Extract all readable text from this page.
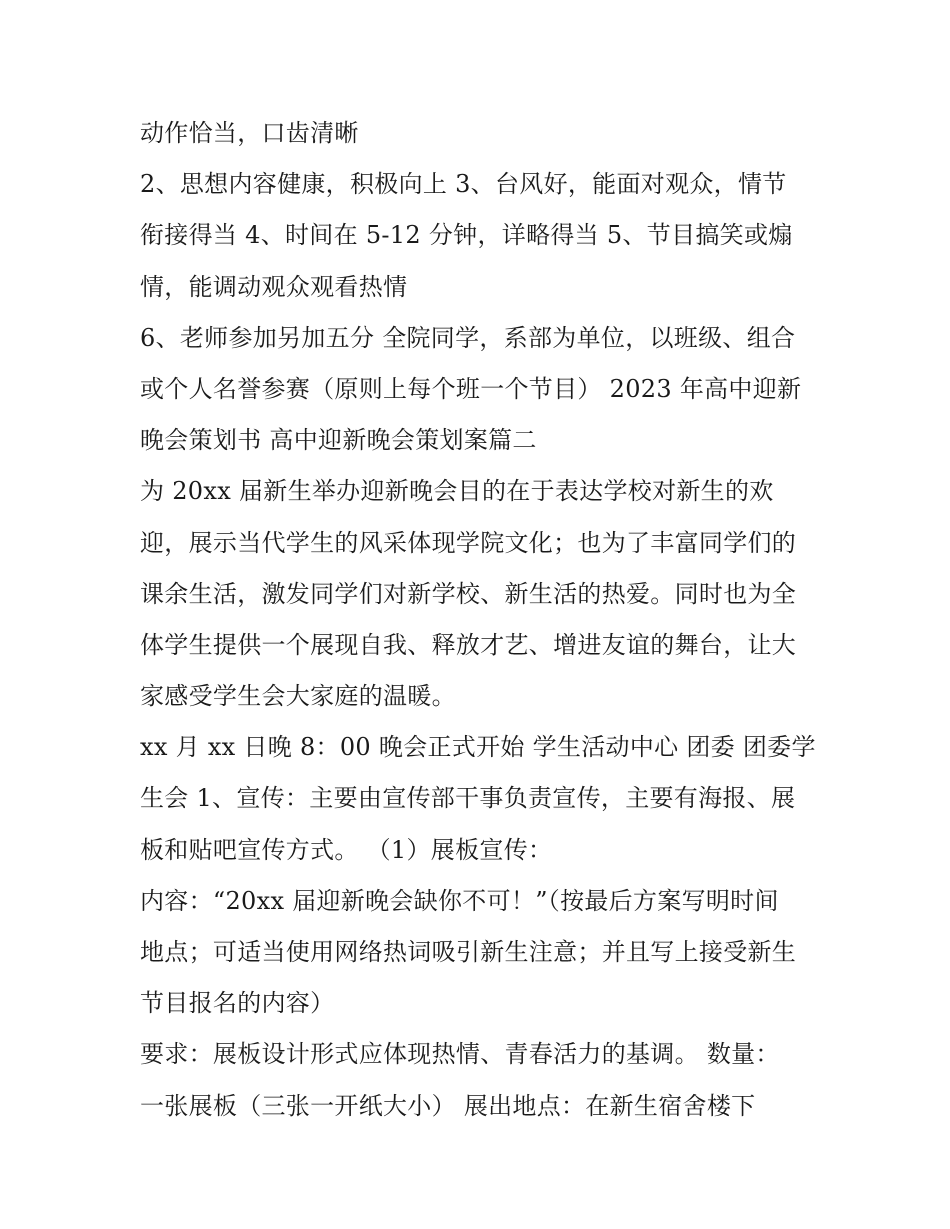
动作恰当，口齿清晰
2、思想内容健康，积极向上 3、台风好，能面对观众，情节
衔接得当 4、时间在 5-12 分钟，详略得当 5、节目搞笑或煽
情，能调动观众观看热情
6、老师参加另加五分 全院同学，系部为单位，以班级、组合
或个人名誉参赛（原则上每个班一个节目） 2023 年高中迎新
晚会策划书 高中迎新晚会策划案篇二
为 20xx 届新生举办迎新晚会目的在于表达学校对新生的欢
迎，展示当代学生的风采体现学院文化；也为了丰富同学们的
课余生活，激发同学们对新学校、新生活的热爱。同时也为全
体学生提供一个展现自我、释放才艺、增进友谊的舞台，让大
家感受学生会大家庭的温暖。
xx 月 xx 日晚 8：00 晚会正式开始 学生活动中心 团委 团委学
生会 1、宣传：主要由宣传部干事负责宣传，主要有海报、展
板和贴吧宣传方式。 （1）展板宣传：
内容：“20xx 届迎新晚会缺你不可！”（按最后方案写明时间
地点；可适当使用网络热词吸引新生注意；并且写上接受新生
节目报名的内容）
要求：展板设计形式应体现热情、青春活力的基调。 数量：
一张展板（三张一开纸大小） 展出地点：在新生宿舍楼下
